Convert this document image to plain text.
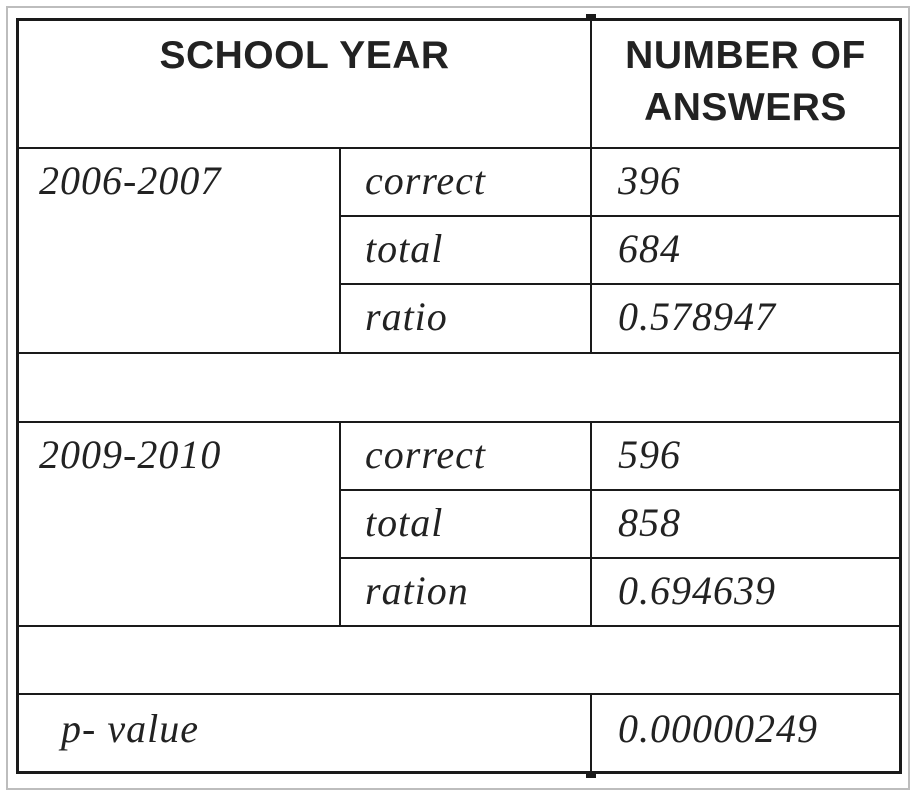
SCHOOL YEAR	NUMBER OF
ANSWERS
2006-2007	correct	396
total	684
ratio	0.578947
2009-2010	correct	596
total	858
ration	0.694639
p- value	0.00000249
